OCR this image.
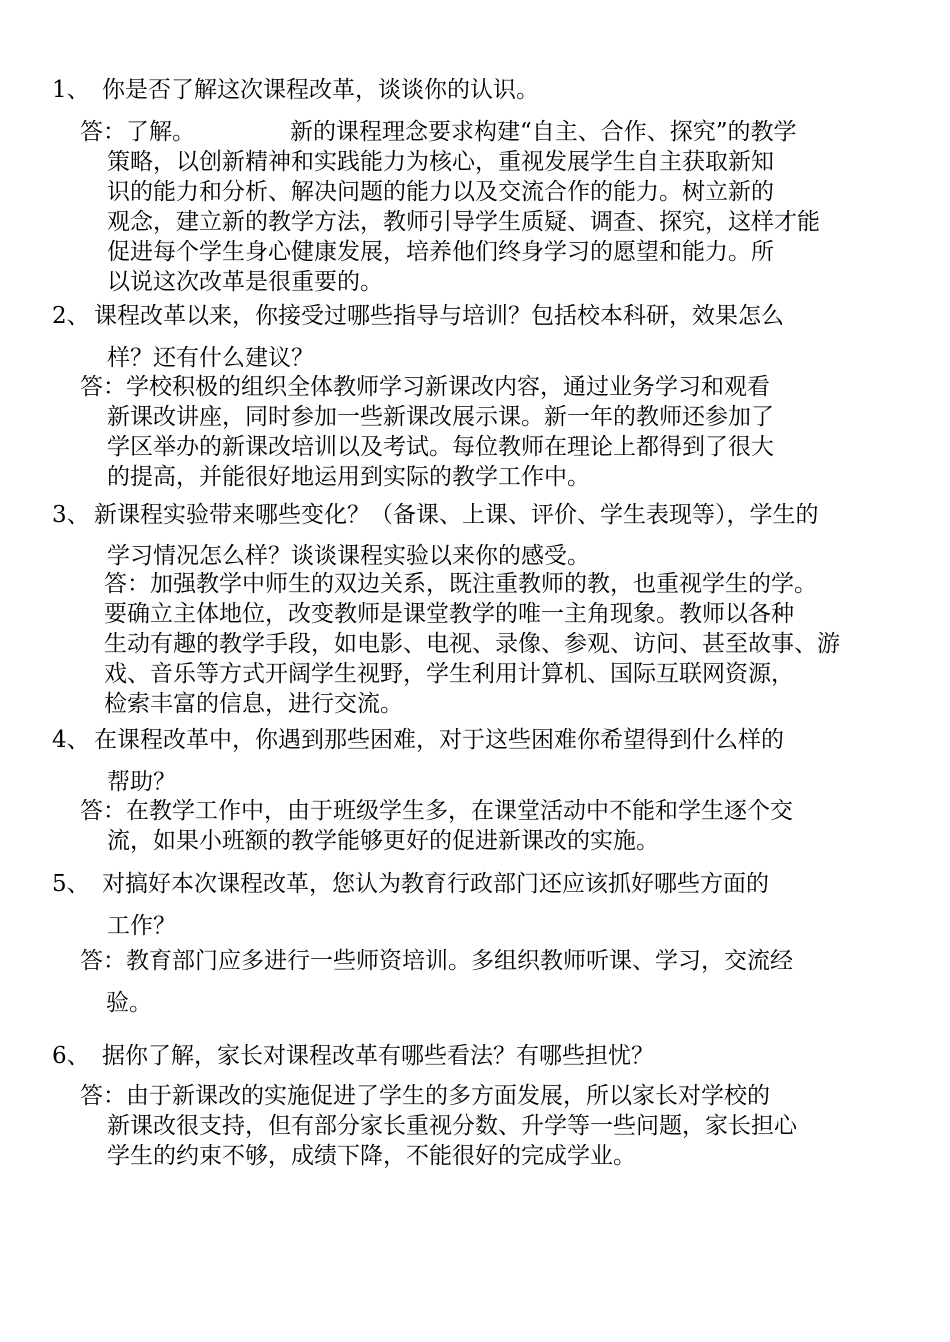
1、 你是否了解这次课程改革，谈谈你的认识。
答：了解。	新的课程理念要求构建“自主、合作、探究”的教学
策略，以创新精神和实践能力为核心，重视发展学生自主获取新知
识的能力和分析、解决问题的能力以及交流合作的能力。树立新的
观念，建立新的教学方法，教师引导学生质疑、调查、探究，这样才能
促进每个学生身心健康发展，培养他们终身学习的愿望和能力。所
以说这次改革是很重要的。
2、 课程改革以来，你接受过哪些指导与培训？包括校本科研，效果怎么
样？还有什么建议？
答：学校积极的组织全体教师学习新课改内容，通过业务学习和观看
新课改讲座，同时参加一些新课改展示课。新一年的教师还参加了
学区举办的新课改培训以及考试。每位教师在理论上都得到了很大
的提高，并能很好地运用到实际的教学工作中。
3、 新课程实验带来哪些变化？（备课、上课、评价、学生表现等），学生的
学习情况怎么样？谈谈课程实验以来你的感受。
答：加强教学中师生的双边关系，既注重教师的教，也重视学生的学。
要确立主体地位，改变教师是课堂教学的唯一主角现象。教师以各种
生动有趣的教学手段，如电影、电视、录像、参观、访问、甚至故事、游
戏、音乐等方式开阔学生视野，学生利用计算机、国际互联网资源，
检索丰富的信息，进行交流。
4、 在课程改革中，你遇到那些困难，对于这些困难你希望得到什么样的
帮助？
答：在教学工作中，由于班级学生多，在课堂活动中不能和学生逐个交
流，如果小班额的教学能够更好的促进新课改的实施。
5、 对搞好本次课程改革，您认为教育行政部门还应该抓好哪些方面的
工作？
答：教育部门应多进行一些师资培训。多组织教师听课、学习，交流经
验。
6、 据你了解，家长对课程改革有哪些看法？有哪些担忧？
答：由于新课改的实施促进了学生的多方面发展，所以家长对学校的
新课改很支持，但有部分家长重视分数、升学等一些问题，家长担心
学生的约束不够，成绩下降，不能很好的完成学业。
